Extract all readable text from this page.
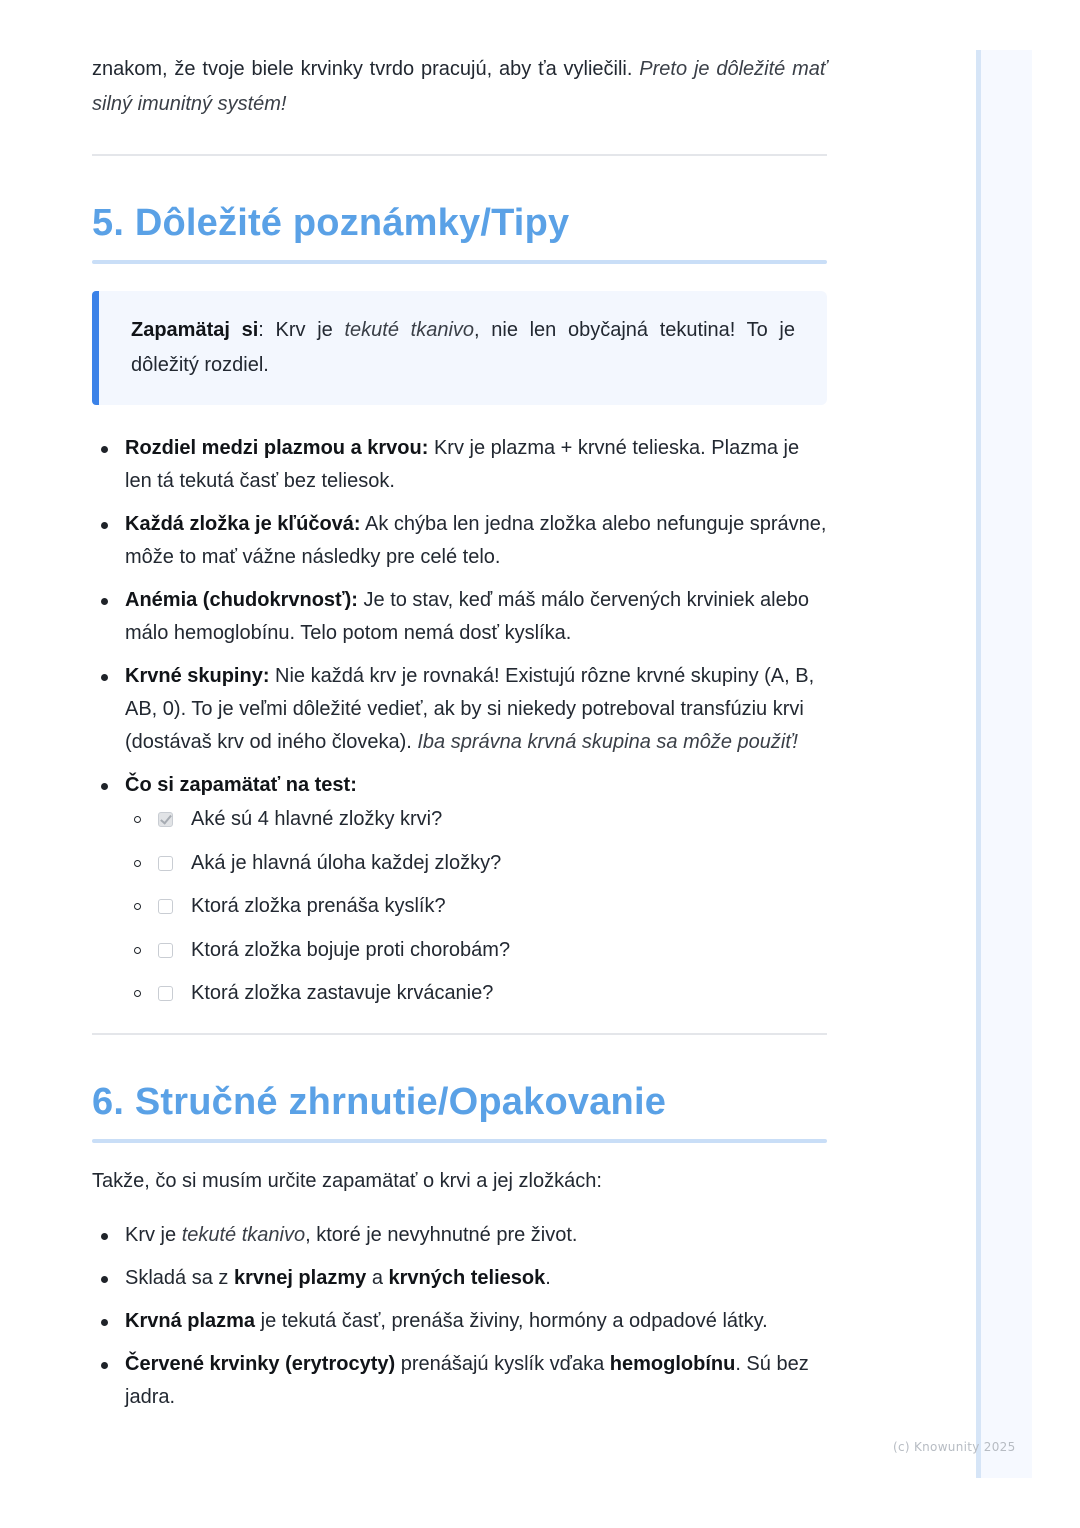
znakom, že tvoje biele krvinky tvrdo pracujú, aby ťa vyliečili. Preto je dôležité mať silný imunitný systém!

5. Dôležité poznámky/Tipy

Zapamätaj si: Krv je tekuté tkanivo, nie len obyčajná tekutina! To je dôležitý rozdiel.

Rozdiel medzi plazmou a krvou: Krv je plazma + krvné telieska. Plazma je len tá tekutá časť bez teliesok.
Každá zložka je kľúčová: Ak chýba len jedna zložka alebo nefunguje správne, môže to mať vážne následky pre celé telo.
Anémia (chudokrvnosť): Je to stav, keď máš málo červených krviniek alebo málo hemoglobínu. Telo potom nemá dosť kyslíka.
Krvné skupiny: Nie každá krv je rovnaká! Existujú rôzne krvné skupiny (A, B, AB, 0). To je veľmi dôležité vedieť, ak by si niekedy potreboval transfúziu krvi (dostávaš krv od iného človeka). Iba správna krvná skupina sa môže použiť!
Čo si zapamätať na test:
Aké sú 4 hlavné zložky krvi?
Aká je hlavná úloha každej zložky?
Ktorá zložka prenáša kyslík?
Ktorá zložka bojuje proti chorobám?
Ktorá zložka zastavuje krvácanie?
6. Stručné zhrnutie/Opakovanie

Takže, čo si musím určite zapamätať o krvi a jej zložkách:

Krv je tekuté tkanivo, ktoré je nevyhnutné pre život.
Skladá sa z krvnej plazmy a krvných teliesok.
Krvná plazma je tekutá časť, prenáša živiny, hormóny a odpadové látky.
Červené krvinky (erytrocyty) prenášajú kyslík vďaka hemoglobínu. Sú bez jadra.
(c) Knowunity 2025
